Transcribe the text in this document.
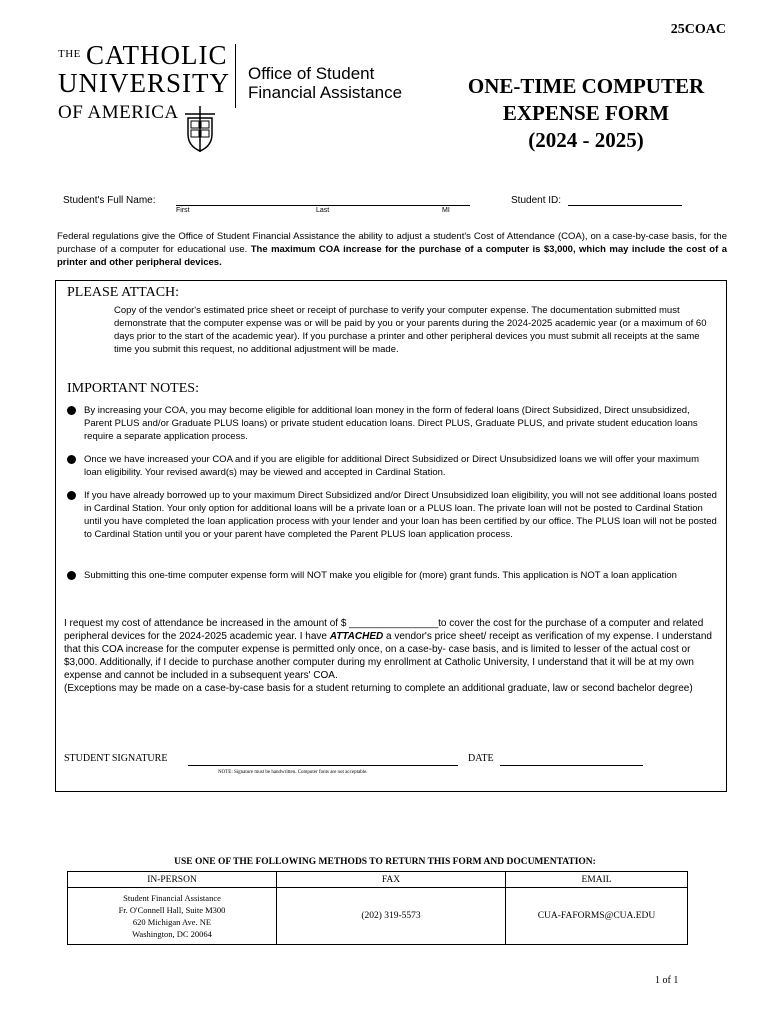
25COAC
THE CATHOLIC
UNIVERSITY
OF AMERICA
Office of Student
Financial Assistance	ONE-TIME COMPUTER
EXPENSE FORM
(2024 - 2025)
Student's Full Name:
First	Last	MI
Student ID:
Federal regulations give the Office of Student Financial Assistance the ability to adjust a student's Cost of Attendance (COA), on a case-by-case basis, for the purchase of a computer for educational use. The maximum COA increase for the purchase of a computer is $3,000, which may include the cost of a printer and other peripheral devices.
PLEASE ATTACH:
Copy of the vendor's estimated price sheet or receipt of purchase to verify your computer expense. The documentation submitted must demonstrate that the computer expense was or will be paid by you or your parents during the 2024-2025 academic year (or a maximum of 60 days prior to the start of the academic year). If you purchase a printer and other peripheral devices you must submit all receipts at the same time you submit this request, no additional adjustment will be made.
IMPORTANT NOTES:
By increasing your COA, you may become eligible for additional loan money in the form of federal loans (Direct Subsidized, Direct unsubsidized, Parent PLUS and/or Graduate PLUS loans) or private student education loans. Direct PLUS, Graduate PLUS, and private student education loans require a separate application process.
Once we have increased your COA and if you are eligible for additional Direct Subsidized or Direct Unsubsidized loans we will offer your maximum loan eligibility. Your revised award(s) may be viewed and accepted in Cardinal Station.
If you have already borrowed up to your maximum Direct Subsidized and/or Direct Unsubsidized loan eligibility, you will not see additional loans posted in Cardinal Station. Your only option for additional loans will be a private loan or a PLUS loan. The private loan will not be posted to Cardinal Station until you have completed the loan application process with your lender and your loan has been certified by our office. The PLUS loan will not be posted to Cardinal Station until you or your parent have completed the Parent PLUS loan application process.
Submitting this one-time computer expense form will NOT make you eligible for (more) grant funds. This application is NOT a loan application
I request my cost of attendance be increased in the amount of $ ________________to cover the cost for the purchase of a computer and related peripheral devices for the 2024-2025 academic year. I have ATTACHED a vendor's price sheet/ receipt as verification of my expense. I understand that this COA increase for the computer expense is permitted only once, on a case-by- case basis, and is limited to lesser of the actual cost or $3,000. Additionally, if I decide to purchase another computer during my enrollment at Catholic University, I understand that it will be at my own expense and cannot be included in a subsequent years' COA.
(Exceptions may be made on a case-by-case basis for a student returning to complete an additional graduate, law or second bachelor degree)
STUDENT SIGNATURE	DATE
NOTE: Signature must be handwritten. Computer fonts are not acceptable.
USE ONE OF THE FOLLOWING METHODS TO RETURN THIS FORM AND DOCUMENTATION:
IN-PERSON	FAX	EMAIL

Student Financial Assistance
Fr. O'Connell Hall, Suite M300
620 Michigan Ave. NE
Washington, DC 20064	(202) 319-5573	CUA-FAFORMS@CUA.EDU
1 of 1
